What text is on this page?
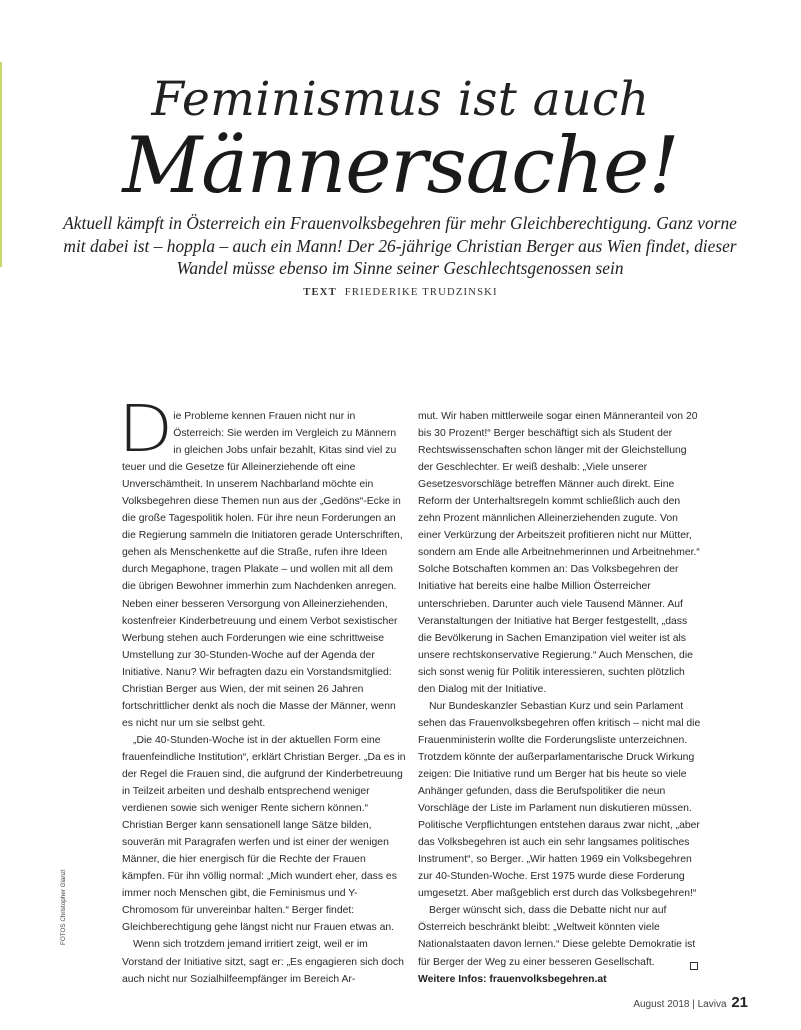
Feminismus ist auch
Männersache!
Aktuell kämpft in Österreich ein Frauenvolksbegehren für mehr Gleichberechtigung. Ganz vorne mit dabei ist – hoppla – auch ein Mann! Der 26-jährige Christian Berger aus Wien findet, dieser Wandel müsse ebenso im Sinne seiner Geschlechtsgenossen sein
TEXT FRIEDERIKE TRUDZINSKI

Die Probleme kennen Frauen nicht nur in Österreich: Sie werden im Vergleich zu Männern in gleichen Jobs unfair bezahlt, Kitas sind viel zu teuer und die Gesetze für Alleinerziehende oft eine Unverschämtheit. In unserem Nachbarland möchte ein Volksbegehren diese Themen nun aus der „Gedöns“-Ecke in die große Tagespolitik holen. Für ihre neun Forderungen an die Regierung sammeln die Initiatoren gerade Unterschriften, gehen als Menschenkette auf die Straße, rufen ihre Ideen durch Megaphone, tragen Plakate – und wollen mit all dem die übrigen Bewohner immerhin zum Nachdenken anregen. Neben einer besseren Versorgung von Alleinerziehenden, kostenfreier Kinderbetreuung und einem Verbot sexistischer Werbung stehen auch Forderungen wie eine schrittweise Umstellung zur 30-Stunden-Woche auf der Agenda der Initiative. Nanu? Wir befragten dazu ein Vorstandsmitglied: Christian Berger aus Wien, der mit seinen 26 Jahren fortschrittlicher denkt als noch die Masse der Männer, wenn es nicht nur um sie selbst geht.

„Die 40-Stunden-Woche ist in der aktuellen Form eine frauenfeindliche Institution“, erklärt Christian Berger. „Da es in der Regel die Frauen sind, die aufgrund der Kinderbetreuung in Teilzeit arbeiten und deshalb entsprechend weniger verdienen sowie sich weniger Rente sichern können.“ Christian Berger kann sensationell lange Sätze bilden, souverän mit Paragrafen werfen und ist einer der wenigen Männer, die hier energisch für die Rechte der Frauen kämpfen. Für ihn völlig normal: „Mich wundert eher, dass es immer noch Menschen gibt, die Feminismus und Y-Chromosom für unvereinbar halten.“ Berger findet: Gleichberechtigung gehe längst nicht nur Frauen etwas an.

Wenn sich trotzdem jemand irritiert zeigt, weil er im Vorstand der Initiative sitzt, sagt er: „Es engagieren sich doch auch nicht nur Sozialhilfeempfänger im Bereich Ar-

mut. Wir haben mittlerweile sogar einen Männeranteil von 20 bis 30 Prozent!“ Berger beschäftigt sich als Student der Rechtswissenschaften schon länger mit der Gleichstellung der Geschlechter. Er weiß deshalb: „Viele unserer Gesetzesvorschläge betreffen Männer auch direkt. Eine Reform der Unterhaltsregeln kommt schließlich auch den zehn Prozent männlichen Alleinerziehenden zugute. Von einer Verkürzung der Arbeitszeit profitieren nicht nur Mütter, sondern am Ende alle Arbeitnehmerinnen und Arbeitnehmer.“ Solche Botschaften kommen an: Das Volksbegehren der Initiative hat bereits eine halbe Million Österreicher unterschrieben. Darunter auch viele Tausend Männer. Auf Veranstaltungen der Initiative hat Berger festgestellt, „dass die Bevölkerung in Sachen Emanzipation viel weiter ist als unsere rechtskonservative Regierung.“ Auch Menschen, die sich sonst wenig für Politik interessieren, suchten plötzlich den Dialog mit der Initiative.

Nur Bundeskanzler Sebastian Kurz und sein Parlament sehen das Frauenvolksbegehren offen kritisch – nicht mal die Frauenministerin wollte die Forderungsliste unterzeichnen. Trotzdem könnte der außerparlamentarische Druck Wirkung zeigen: Die Initiative rund um Berger hat bis heute so viele Anhänger gefunden, dass die Berufspolitiker die neun Vorschläge der Liste im Parlament nun diskutieren müssen. Politische Verpflichtungen entstehen daraus zwar nicht, „aber das Volksbegehren ist auch ein sehr langsames politisches Instrument“, so Berger. „Wir hatten 1969 ein Volksbegehren zur 40-Stunden-Woche. Erst 1975 wurde diese Forderung umgesetzt. Aber maßgeblich erst durch das Volksbegehren!“

Berger wünscht sich, dass die Debatte nicht nur auf Österreich beschränkt bleibt: „Weltweit könnten viele Nationalstaaten davon lernen.“ Diese gelebte Demokratie ist für Berger der Weg zu einer besseren Gesellschaft.

Weitere Infos: frauenvolksbegehren.at

FOTOS Christopher Glanzl
August 2018 | Laviva 21
